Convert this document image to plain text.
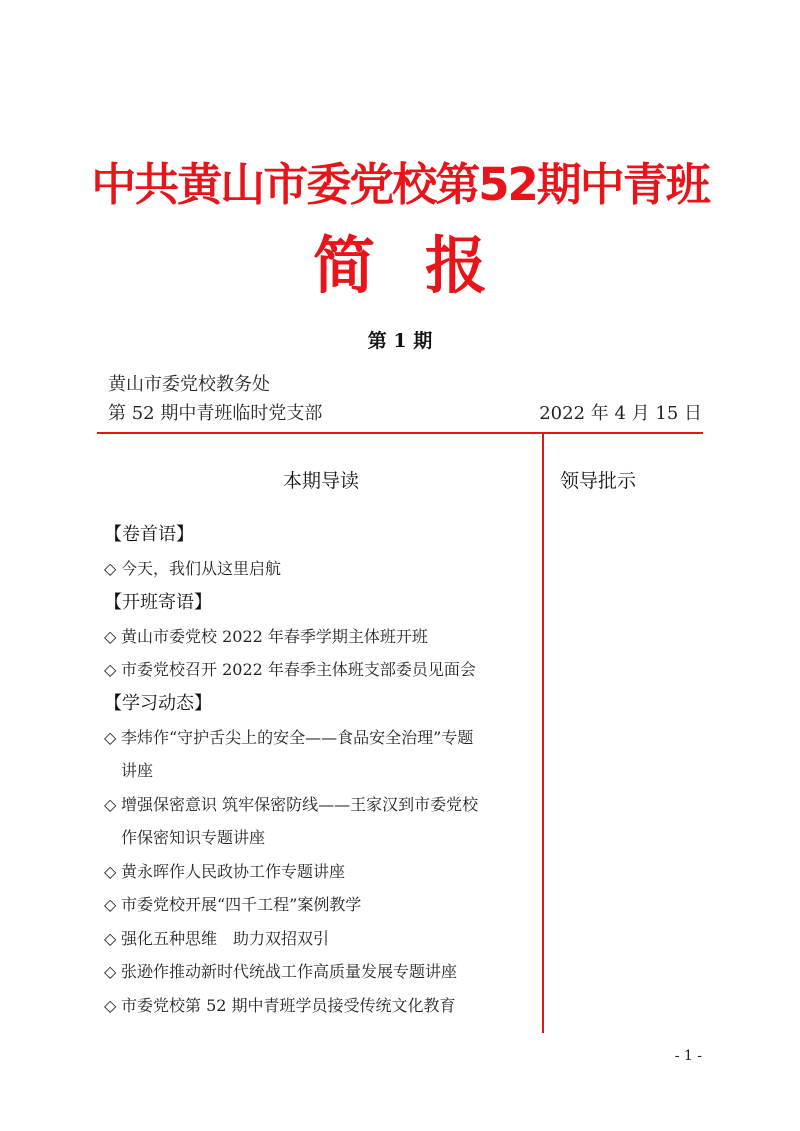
中共黄山市委党校第52期中青班
简报
第 1 期
黄山市委党校教务处
第 52 期中青班临时党支部	2022 年 4 月 15 日
本期导读	领导批示
【卷首语】
◇ 今天，我们从这里启航
【开班寄语】
◇ 黄山市委党校 2022 年春季学期主体班开班
◇ 市委党校召开 2022 年春季主体班支部委员见面会
【学习动态】
◇ 李炜作“守护舌尖上的安全——食品安全治理”专题
讲座
◇ 增强保密意识 筑牢保密防线——王家汉到市委党校
作保密知识专题讲座
◇ 黄永晖作人民政协工作专题讲座
◇ 市委党校开展“四千工程”案例教学
◇ 强化五种思维　助力双招双引
◇ 张逊作推动新时代统战工作高质量发展专题讲座
◇ 市委党校第 52 期中青班学员接受传统文化教育
- 1 -
